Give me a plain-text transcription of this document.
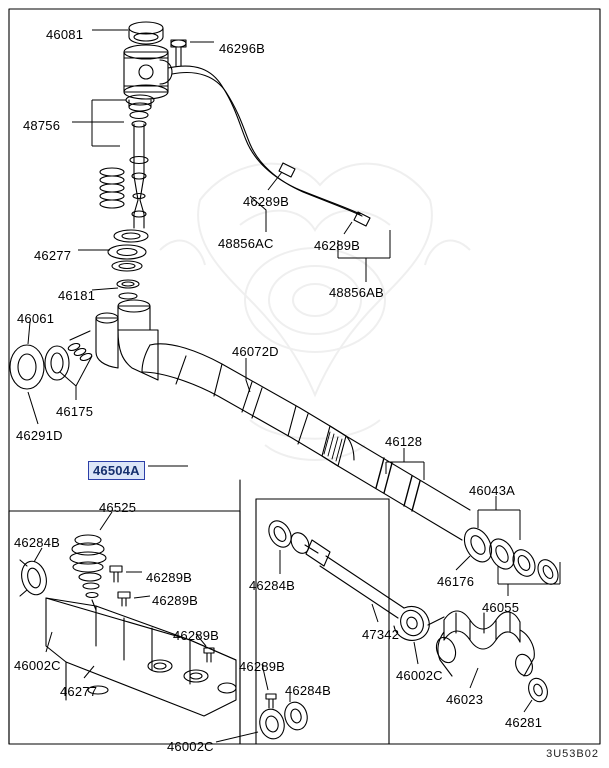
46081
46296B
48756
46289B
48856AC	46289B
48856AB
46277
46181
46061
46072D
46175
46291D	46128
46504A
46043A
46525
46284B
46289B
46284B	46176
46289B	46055
46289B	47342
46002C	46289B
46002C
46277	46284B
46023
46281
46002C	3U53B02
